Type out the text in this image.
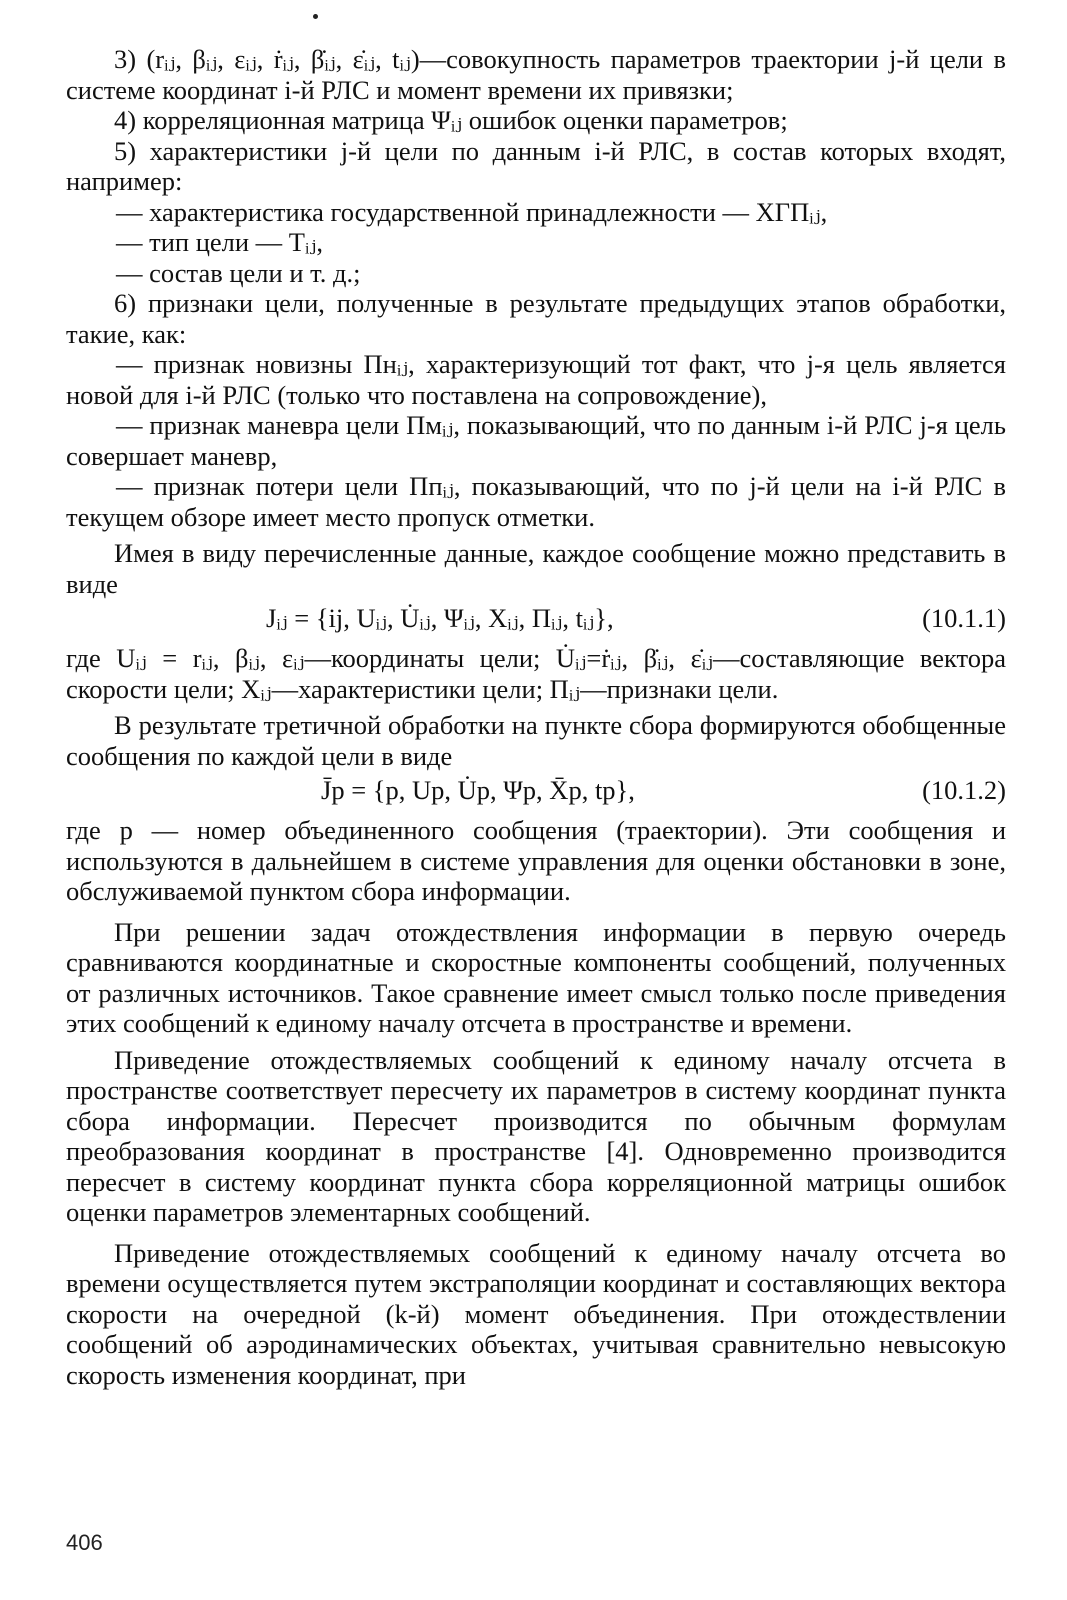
3) (rᵢⱼ, βᵢⱼ, εᵢⱼ, ṙᵢⱼ, β̇ᵢⱼ, ε̇ᵢⱼ, tᵢⱼ)—совокупность параметров траектории j-й цели в системе координат i-й РЛС и момент времени их привязки;

4) корреляционная матрица Ψᵢⱼ ошибок оценки параметров;

5) характеристики j-й цели по данным i-й РЛС, в состав которых входят, например:

— характеристика государственной принадлежности — ХГПᵢⱼ,

— тип цели — Tᵢⱼ,

— состав цели и т. д.;

6) признаки цели, полученные в результате предыдущих этапов обработки, такие, как:

— признак новизны Пнᵢⱼ, характеризующий тот факт, что j-я цель является новой для i-й РЛС (только что поставлена на сопровождение),

— признак маневра цели Пмᵢⱼ, показывающий, что по данным i-й РЛС j-я цель совершает маневр,

— признак потери цели Ппᵢⱼ, показывающий, что по j-й цели на i-й РЛС в текущем обзоре имеет место пропуск отметки.

Имея в виду перечисленные данные, каждое сообщение можно представить в виде

Jᵢⱼ = {ij, Uᵢⱼ, U̇ᵢⱼ, Ψᵢⱼ, Xᵢⱼ, Пᵢⱼ, tᵢⱼ},	(10.1.1)

где Uᵢⱼ = rᵢⱼ, βᵢⱼ, εᵢⱼ—координаты цели; U̇ᵢⱼ=ṙᵢⱼ, β̇ᵢⱼ, ε̇ᵢⱼ—составляющие вектора скорости цели; Xᵢⱼ—характеристики цели; Пᵢⱼ—признаки цели.

В результате третичной обработки на пункте сбора формируются обобщенные сообщения по каждой цели в виде

J̄р = {р, Uр, U̇р, Ψр, X̄р, tр},	(10.1.2)

где р — номер объединенного сообщения (траектории). Эти сообщения и используются в дальнейшем в системе управления для оценки обстановки в зоне, обслуживаемой пунктом сбора информации.

При решении задач отождествления информации в первую очередь сравниваются координатные и скоростные компоненты сообщений, полученных от различных источников. Такое сравнение имеет смысл только после приведения этих сообщений к единому началу отсчета в пространстве и времени.

Приведение отождествляемых сообщений к единому началу отсчета в пространстве соответствует пересчету их параметров в систему координат пункта сбора информации. Пересчет производится по обычным формулам преобразования координат в пространстве [4]. Одновременно производится пересчет в систему координат пункта сбора корреляционной матрицы ошибок оценки параметров элементарных сообщений.

Приведение отождествляемых сообщений к единому началу отсчета во времени осуществляется путем экстраполяции координат и составляющих вектора скорости на очередной (k-й) момент объединения. При отождествлении сообщений об аэродинамических объектах, учитывая сравнительно невысокую скорость изменения координат, при

406
